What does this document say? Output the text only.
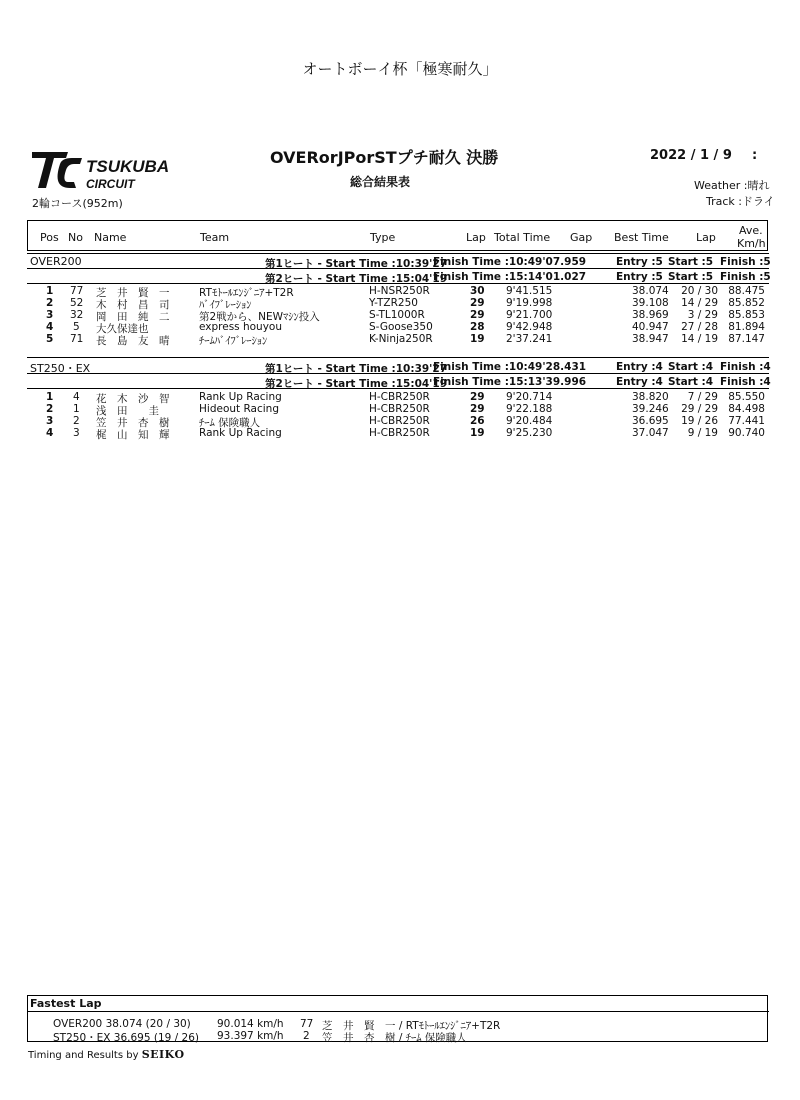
オートボーイ杯「極寒耐久」
TSUKUBA
CIRCUIT
2輪コース(952m)
OVERorJPorSTプチ耐久 決勝
総合結果表
2022 / 1 / 9 :
Weather :晴れ
Track :ドライ
Pos No Name	Team	Type	Lap Total Time Gap Best Time Lap
Ave.
Km/h
OVER200	第1ヒート - Start Time :10:39'27
Finish Time :10:49'07.959	Entry :5 Start :5 Finish :5
第2ヒート - Start Time :15:04'19
Finish Time :15:14'01.027	Entry :5 Start :5 Finish :5
1 77 芝　井　賢　一	RTﾓﾄｰﾙｴﾝｼﾞﾆｱ+T2R	H-NSR250R	30 9'41.515	38.074 20 / 30 88.475
2 52 木　村　昌　司	ﾊﾞｲﾌﾞﾚｰｼｮﾝ	Y-TZR250	29 9'19.998	39.108 14 / 29 85.852
3 32 岡　田　純　二	第2戦から、NEWﾏｼﾝ投入	S-TL1000R	29 9'21.700	38.969 3 / 29 85.853
4 5 大久保達也	express houyou	S-Goose350	28 9'42.948	40.947 27 / 28 81.894
5 71 長　島　友　晴	ﾁｰﾑﾊﾞｲﾌﾞﾚｰｼｮﾝ	K-Ninja250R	19 2'37.241	38.947 14 / 19 87.147
ST250・EX	第1ヒート - Start Time :10:39'27
Finish Time :10:49'28.431	Entry :4 Start :4 Finish :4
第2ヒート - Start Time :15:04'19
Finish Time :15:13'39.996	Entry :4 Start :4 Finish :4
1 4 花　木　沙　智	Rank Up Racing	H-CBR250R	29 9'20.714	38.820 7 / 29 85.550
2 1 浅　田　　圭	Hideout Racing	H-CBR250R	29 9'22.188	39.246 29 / 29 84.498
3 2 笠　井　杏　樹	ﾁｰﾑ 保険職人	H-CBR250R	26 9'20.484	36.695 19 / 26 77.441
4 3 梶　山　知　輝	Rank Up Racing	H-CBR250R	19 9'25.230	37.047 9 / 19 90.740
Fastest Lap
OVER200 38.074 (20 / 30) 90.014 km/h 77 芝　井　賢　一 / RTﾓﾄｰﾙｴﾝｼﾞﾆｱ+T2R
ST250・EX 36.695 (19 / 26) 93.397 km/h 2 笠　井　杏　樹 / ﾁｰﾑ 保険職人
Timing and Results by SEIKO
